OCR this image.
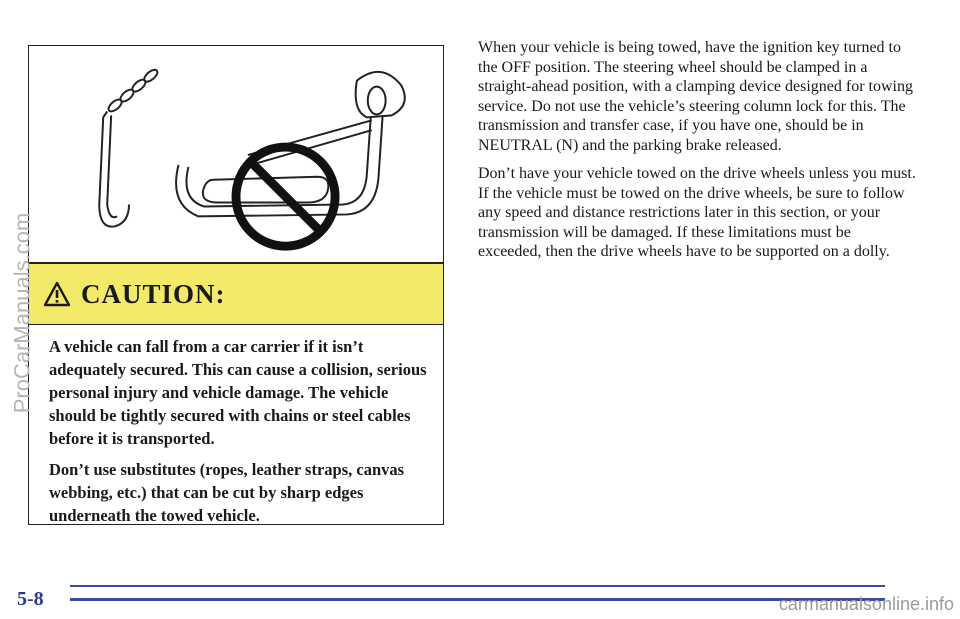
CAUTION:

A vehicle can fall from a car carrier if it isn’t adequately secured. This can cause a collision, serious personal injury and vehicle damage. The vehicle should be tightly secured with chains or steel cables before it is transported.

Don’t use substitutes (ropes, leather straps, canvas webbing, etc.) that can be cut by sharp edges underneath the towed vehicle.

When your vehicle is being towed, have the ignition key turned to the OFF position. The steering wheel should be clamped in a straight-ahead position, with a clamping device designed for towing service. Do not use the vehicle’s steering column lock for this. The transmission and transfer case, if you have one, should be in NEUTRAL (N) and the parking brake released.

Don’t have your vehicle towed on the drive wheels unless you must. If the vehicle must be towed on the drive wheels, be sure to follow any speed and distance restrictions later in this section, or your transmission will be damaged. If these limitations must be exceeded, then the drive wheels have to be supported on a dolly.

ProCarManuals.com
5-8	carmanualsonline.info
